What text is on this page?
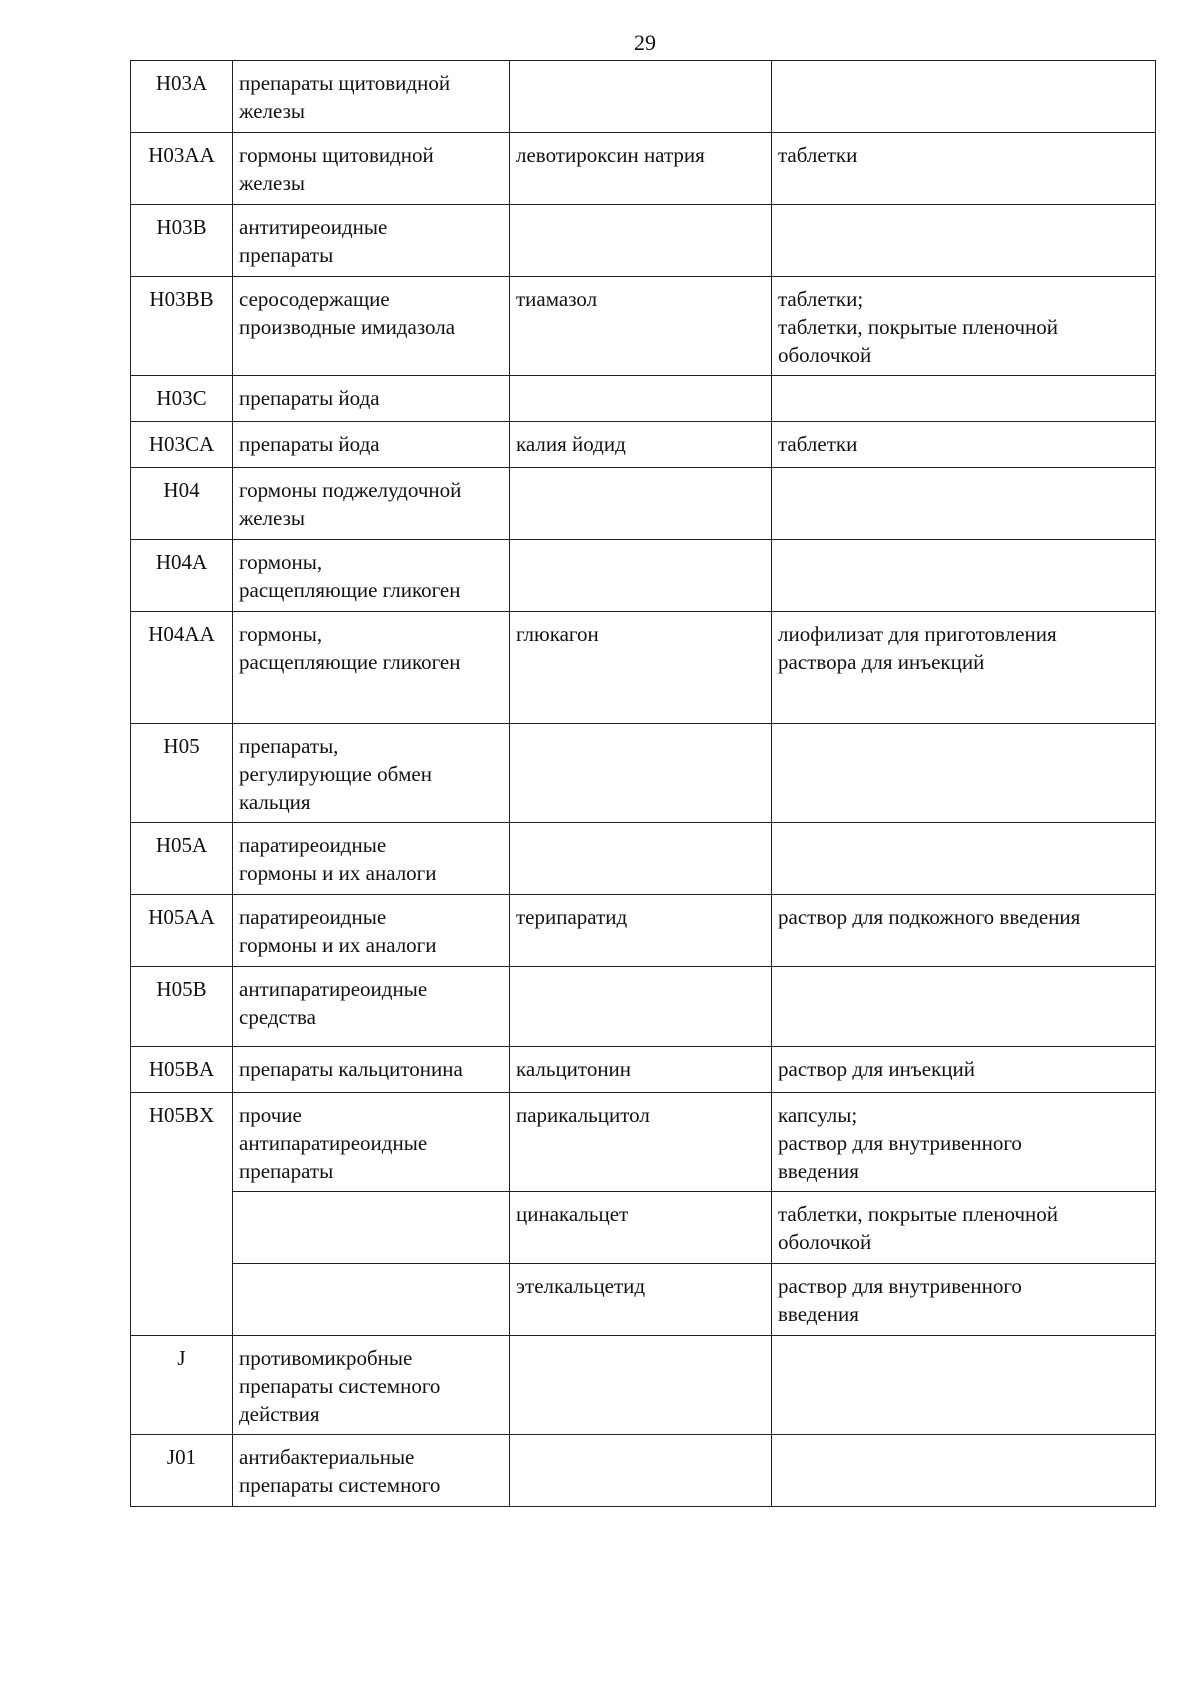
29
H03A	препараты щитовидной
железы		

H03AA	гормоны щитовидной
железы	левотироксин натрия	таблетки

H03B	антитиреоидные
препараты		

H03BB	серосодержащие
производные имидазола	тиамазол	таблетки;
таблетки, покрытые пленочной
оболочкой

H03C	препараты йода		

H03CA	препараты йода	калия йодид	таблетки

H04	гормоны поджелудочной
железы		

H04A	гормоны,
расщепляющие гликоген		

H04AA	гормоны,
расщепляющие гликоген	глюкагон	лиофилизат для приготовления
раствора для инъекций

H05	препараты,
регулирующие обмен
кальция		

H05A	паратиреоидные
гормоны и их аналоги		

H05AA	паратиреоидные
гормоны и их аналоги	терипаратид	раствор для подкожного введения

H05B	антипаратиреоидные
средства		

H05BA	препараты кальцитонина	кальцитонин	раствор для инъекций

H05BX	прочие
антипаратиреоидные
препараты	парикальцитол	капсулы;
раствор для внутривенного
введения

		цинакальцет	таблетки, покрытые пленочной
оболочкой

		этелкальцетид	раствор для внутривенного
введения

J	противомикробные
препараты системного
действия		

J01	антибактериальные
препараты системного		
